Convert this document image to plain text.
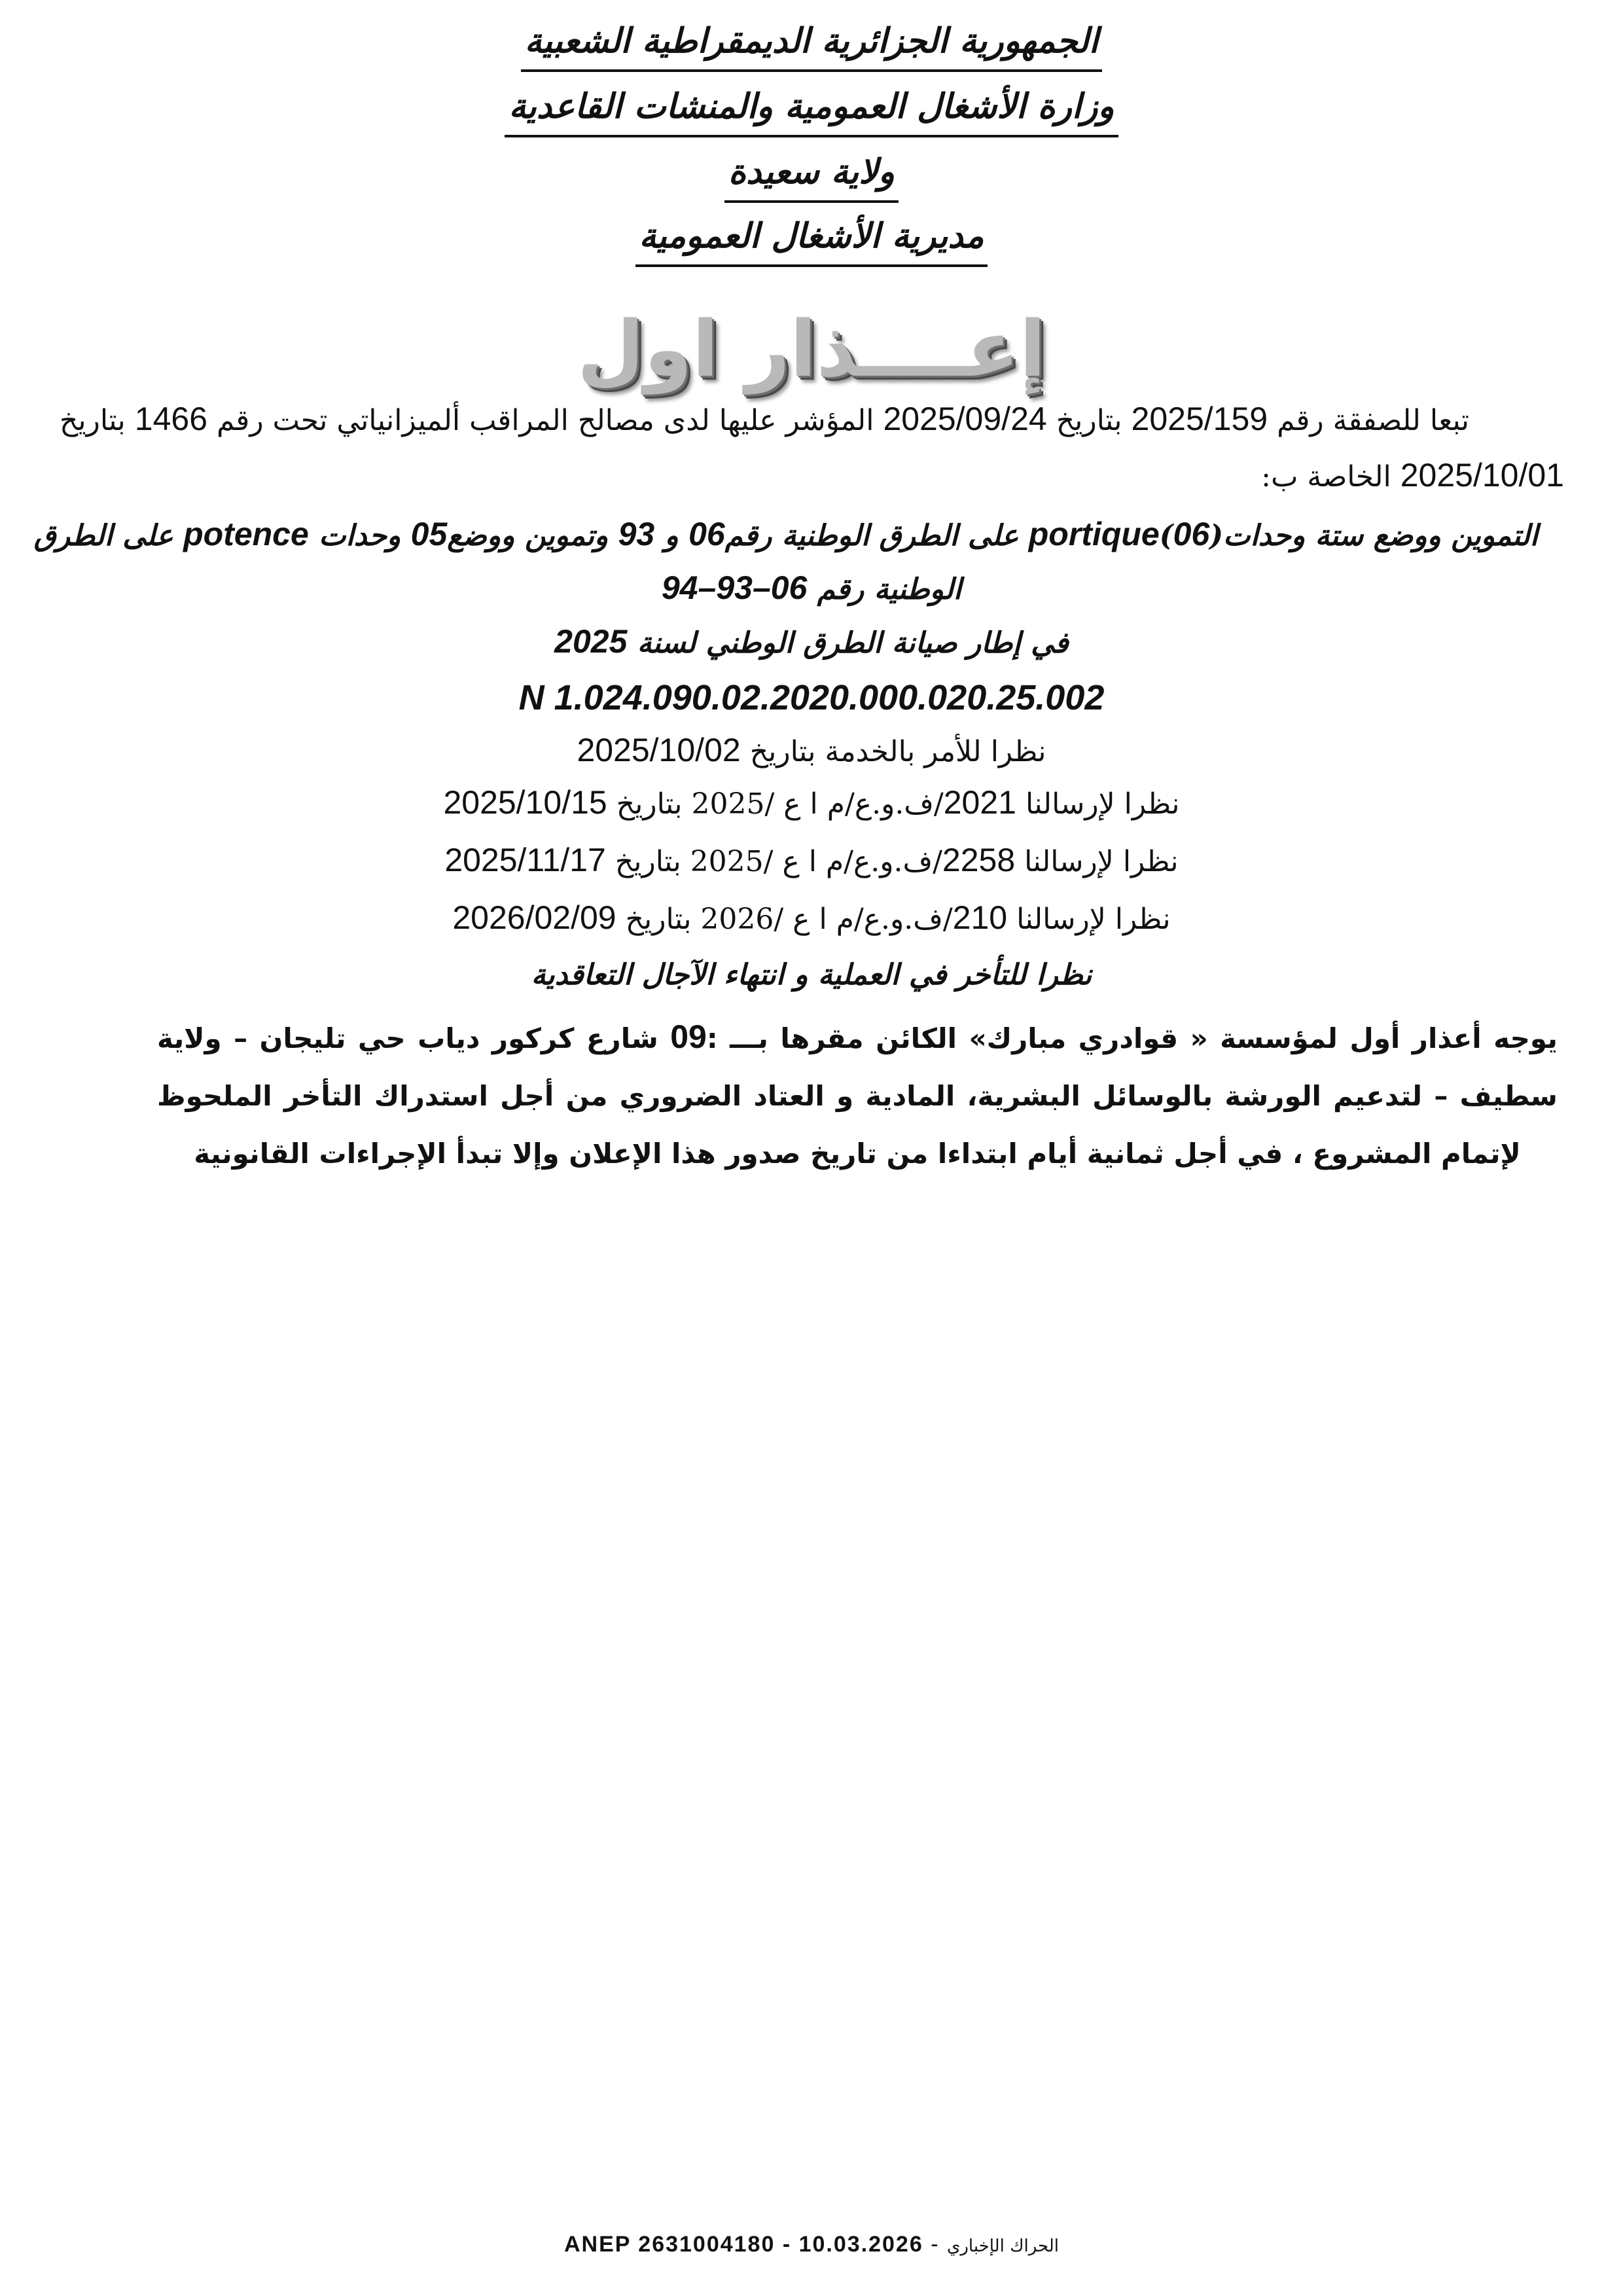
الجمهورية الجزائرية الديمقراطية الشعبية
وزارة الأشغال العمومية والمنشات القاعدية
ولاية سعيدة
مديرية الأشغال العمومية
إعــــذار اول
تبعا للصفقة رقم 2025/159 بتاريخ 2025/09/24 المؤشر عليها لدى مصالح المراقب ألميزانياتي تحت رقم 1466 بتاريخ
2025/10/01 الخاصة ب:
التموين ووضع ستة وحدات(06)portique على الطرق الوطنية رقم06 و 93 وتموين ووضع05 وحدات potence على الطرق
الوطنية رقم 06–93–94
في إطار صيانة الطرق الوطني لسنة 2025
N 1.024.090.02.2020.000.020.25.002
نظرا للأمر بالخدمة بتاريخ 2025/10/02
نظرا لإرسالنا 2021/ف.و.ع/م ا ع /2025 بتاريخ 2025/10/15
نظرا لإرسالنا 2258/ف.و.ع/م ا ع /2025 بتاريخ 2025/11/17
نظرا لإرسالنا 210/ف.و.ع/م ا ع /2026 بتاريخ 2026/02/09
نظرا للتأخر في العملية و انتهاء الآجال التعاقدية
يوجه أعذار أول لمؤسسة « قوادري مبارك» الكائن مقرها بـــ :09 شارع كركور دياب حي تليجان – ولاية سطيف – لتدعيم الورشة بالوسائل البشرية، المادية و العتاد الضروري من أجل استدراك التأخر الملحوظ لإتمام المشروع ، في أجل ثمانية أيام ابتداءا من تاريخ صدور هذا الإعلان وإلا تبدأ الإجراءات القانونية
ANEP 2631004180 - 10.03.2026 - الحراك الإخباري
